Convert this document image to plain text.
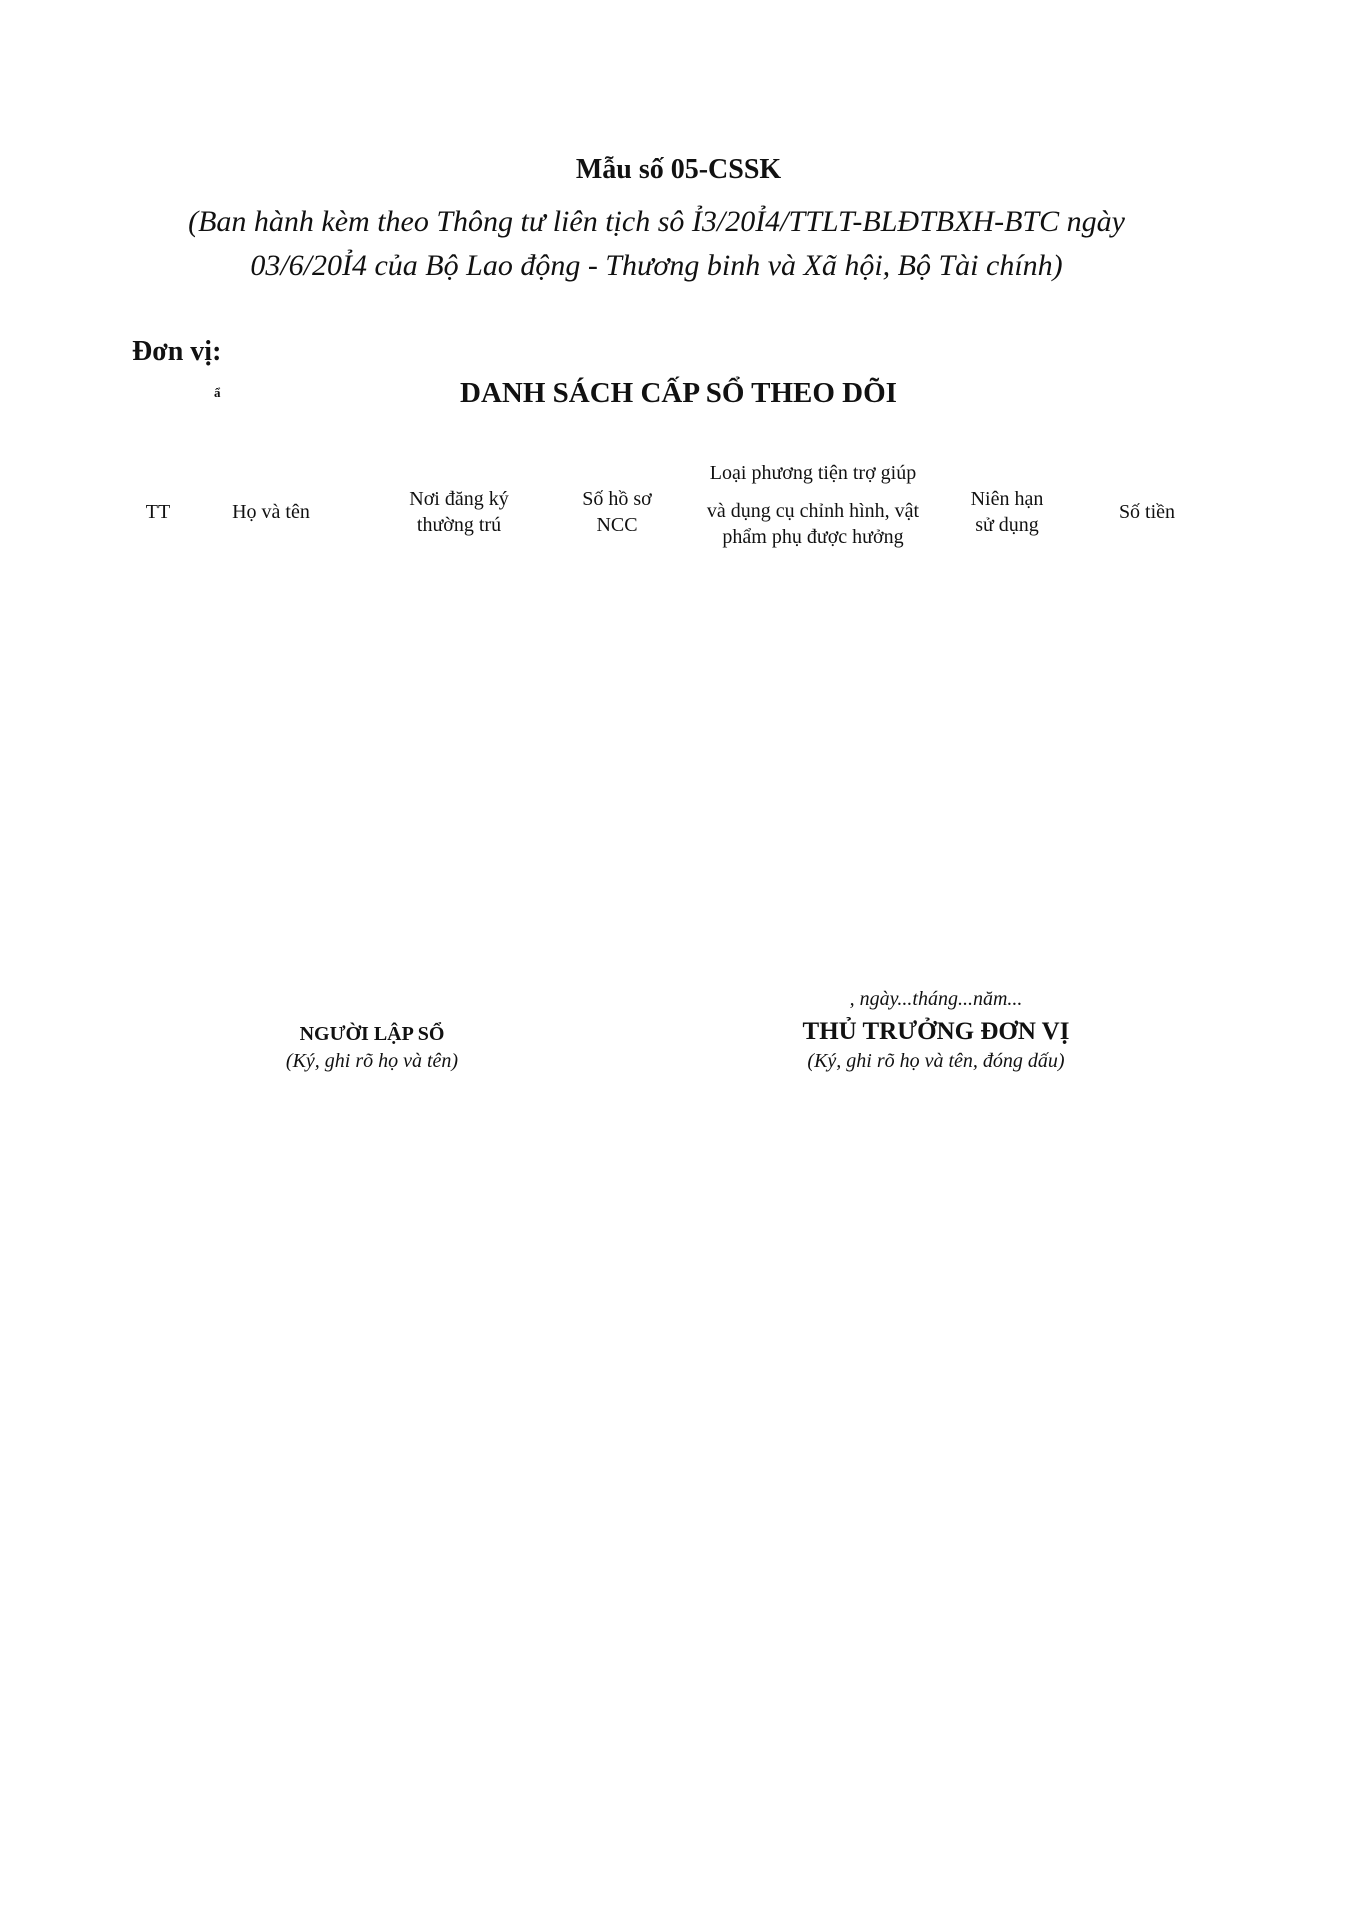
Mẫu số 05-CSSK
(Ban hành kèm theo Thông tư liên tịch sô Ỉ3/20Ỉ4/TTLT-BLĐTBXH-BTC ngày
03/6/20Ỉ4 của Bộ Lao động - Thương binh và Xã hội, Bộ Tài chính)
Đơn vị:
ẩ	DANH SÁCH CẤP SỔ THEO DÕI
TT	Họ và tên
Nơi đăng ký
thường trú
Số hồ sơ
NCC
Loại phương tiện trợ giúp
và dụng cụ chỉnh hình, vật
phẩm phụ được hưởng
Niên hạn
sử dụng
Số tiền
, ngày...tháng...năm...
NGƯỜI LẬP SỔ
(Ký, ghi rõ họ và tên)
THỦ TRƯỞNG ĐƠN VỊ
(Ký, ghi rõ họ và tên, đóng dấu)
